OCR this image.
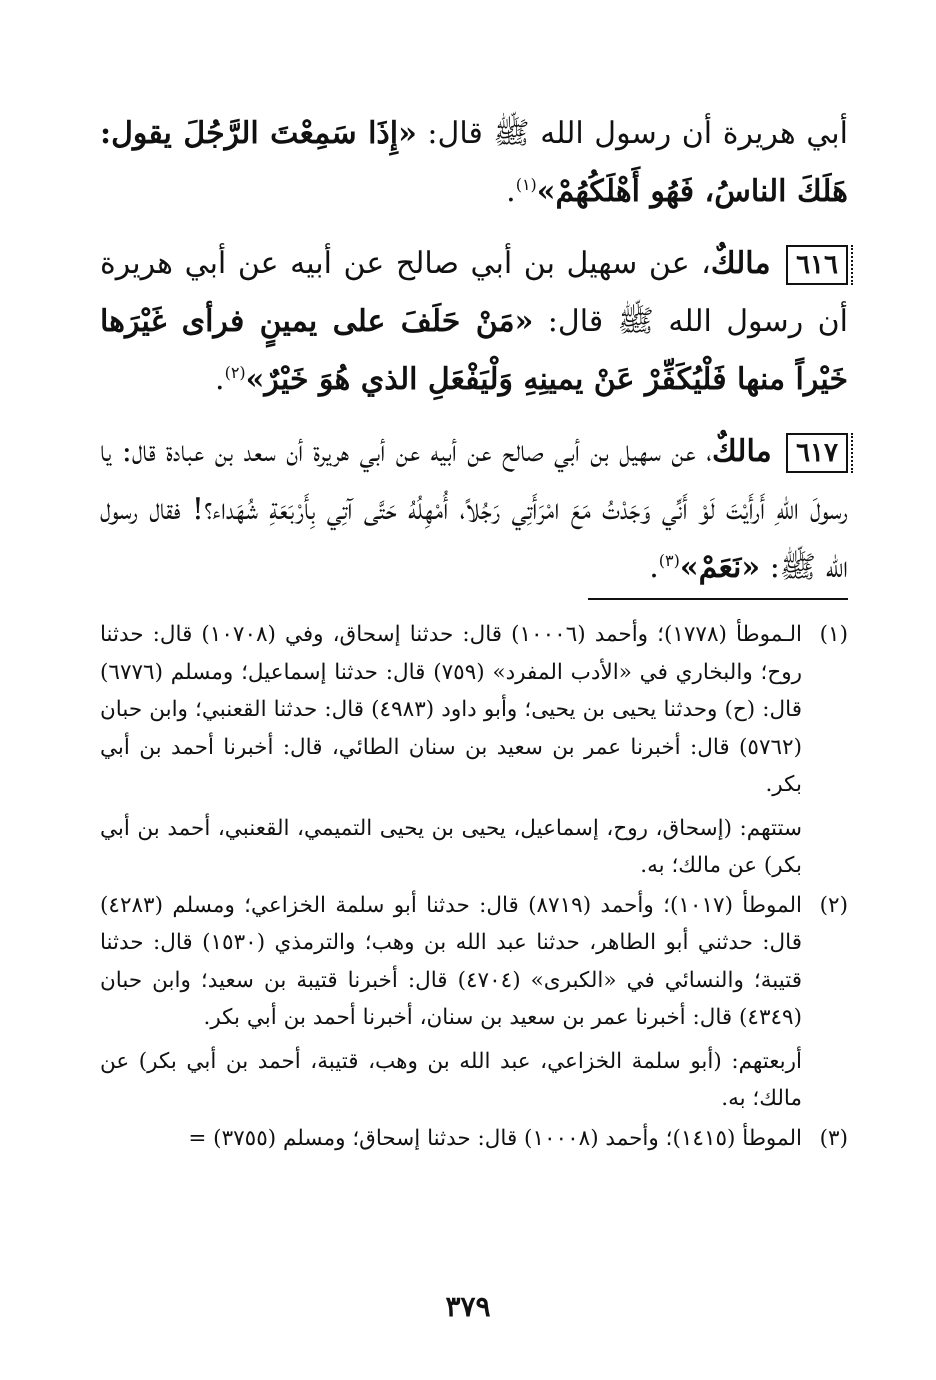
أبي هريرة أن رسول الله ﷺ قال: «إِذَا سَمِعْتَ الرَّجُلَ يقول: هَلَكَ الناسُ، فَهُو أَهْلَكُهُمْ»$^{(١)}$.

٦١٦ مالكٌ، عن سهيل بن أبي صالح عن أبيه عن أبي هريرة أن رسول الله ﷺ قال: «مَنْ حَلَفَ على يمينٍ فرأى غَيْرَها خَيْراً منها فَلْيُكَفِّرْ عَنْ يمينِهِ وَلْيَفْعَلِ الذي هُوَ خَيْرٌ»$^{(٢)}$.

٦١٧ مالكٌ، عن سهيل بن أبي صالح عن أبيه عن أبي هريرة أن سعد بن عبادة قال: يا رسولَ اللهِ أَرأَيْتَ لَوْ أَنِّي وَجَدْتُ مَعَ امْرَأَتِي رَجُلاً، أُمْهِلُهُ حَتَّى آتِي بِأَرْبَعَةِ شُهَداء؟! فقال رسول الله ﷺ: «نَعَمْ»$^{(٣)}$.

(١)

الـموطأ (١٧٧٨)؛ وأحمد (١٠٠٠٦) قال: حدثنا إسحاق، وفي (١٠٧٠٨) قال: حدثنا روح؛ والبخاري في «الأدب المفرد» (٧٥٩) قال: حدثنا إسماعيل؛ ومسلم (٦٧٧٦) قال: (ح) وحدثنا يحيى بن يحيى؛ وأبو داود (٤٩٨٣) قال: حدثنا القعنبي؛ وابن حبان (٥٧٦٢) قال: أخبرنا عمر بن سعيد بن سنان الطائي، قال: أخبرنا أحمد بن أبي بكر.

ستتهم: (إسحاق، روح، إسماعيل، يحيى بن يحيى التميمي، القعنبي، أحمد بن أبي بكر) عن مالك؛ به.

(٢)

الموطأ (١٠١٧)؛ وأحمد (٨٧١٩) قال: حدثنا أبو سلمة الخزاعي؛ ومسلم (٤٢٨٣) قال: حدثني أبو الطاهر، حدثنا عبد الله بن وهب؛ والترمذي (١٥٣٠) قال: حدثنا قتيبة؛ والنسائي في «الكبرى» (٤٧٠٤) قال: أخبرنا قتيبة بن سعيد؛ وابن حبان (٤٣٤٩) قال: أخبرنا عمر بن سعيد بن سنان، أخبرنا أحمد بن أبي بكر.

أربعتهم: (أبو سلمة الخزاعي، عبد الله بن وهب، قتيبة، أحمد بن أبي بكر) عن مالك؛ به.

(٣)

الموطأ (١٤١٥)؛ وأحمد (١٠٠٠٨) قال: حدثنا إسحاق؛ ومسلم (٣٧٥٥) =

٣٧٩
